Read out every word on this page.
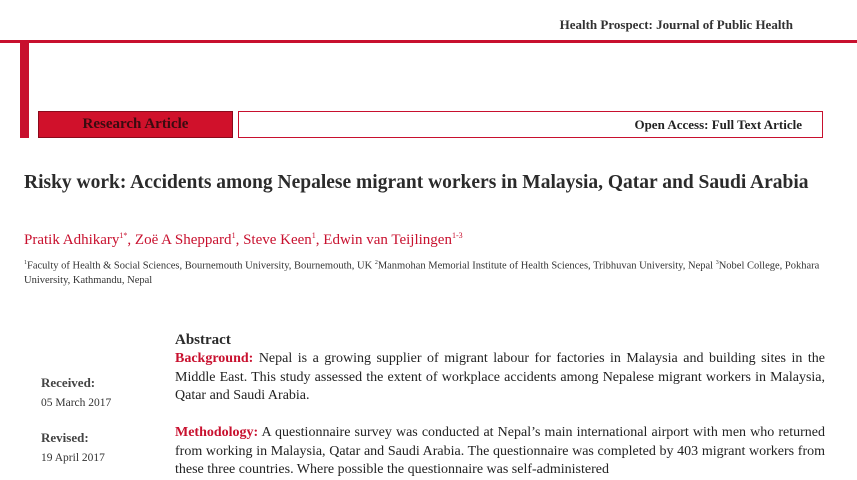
Health Prospect: Journal of Public Health
Research Article	Open Access: Full Text Article
Risky work: Accidents among Nepalese migrant workers in Malaysia, Qatar and Saudi Arabia
Pratik Adhikary$^{1*}$, Zoë A Sheppard$^1$, Steve Keen$^1$, Edwin van Teijlingen$^{1-3}$
$^1$Faculty of Health & Social Sciences, Bournemouth University, Bournemouth, UK $^2$Manmohan Memorial Institute of Health Sciences, Tribhuvan University, Nepal $^3$Nobel College, Pokhara University, Kathmandu, Nepal
Received:
05 March 2017
Revised:
19 April 2017
Abstract
Background: Nepal is a growing supplier of migrant labour for factories in Malaysia and building sites in the Middle East. This study assessed the extent of workplace accidents among Nepalese migrant workers in Malaysia, Qatar and Saudi Arabia.
Methodology: A questionnaire survey was conducted at Nepal’s main international airport with men who returned from working in Malaysia, Qatar and Saudi Arabia. The questionnaire was completed by 403 migrant workers from these three countries. Where possible the questionnaire was self-administered
